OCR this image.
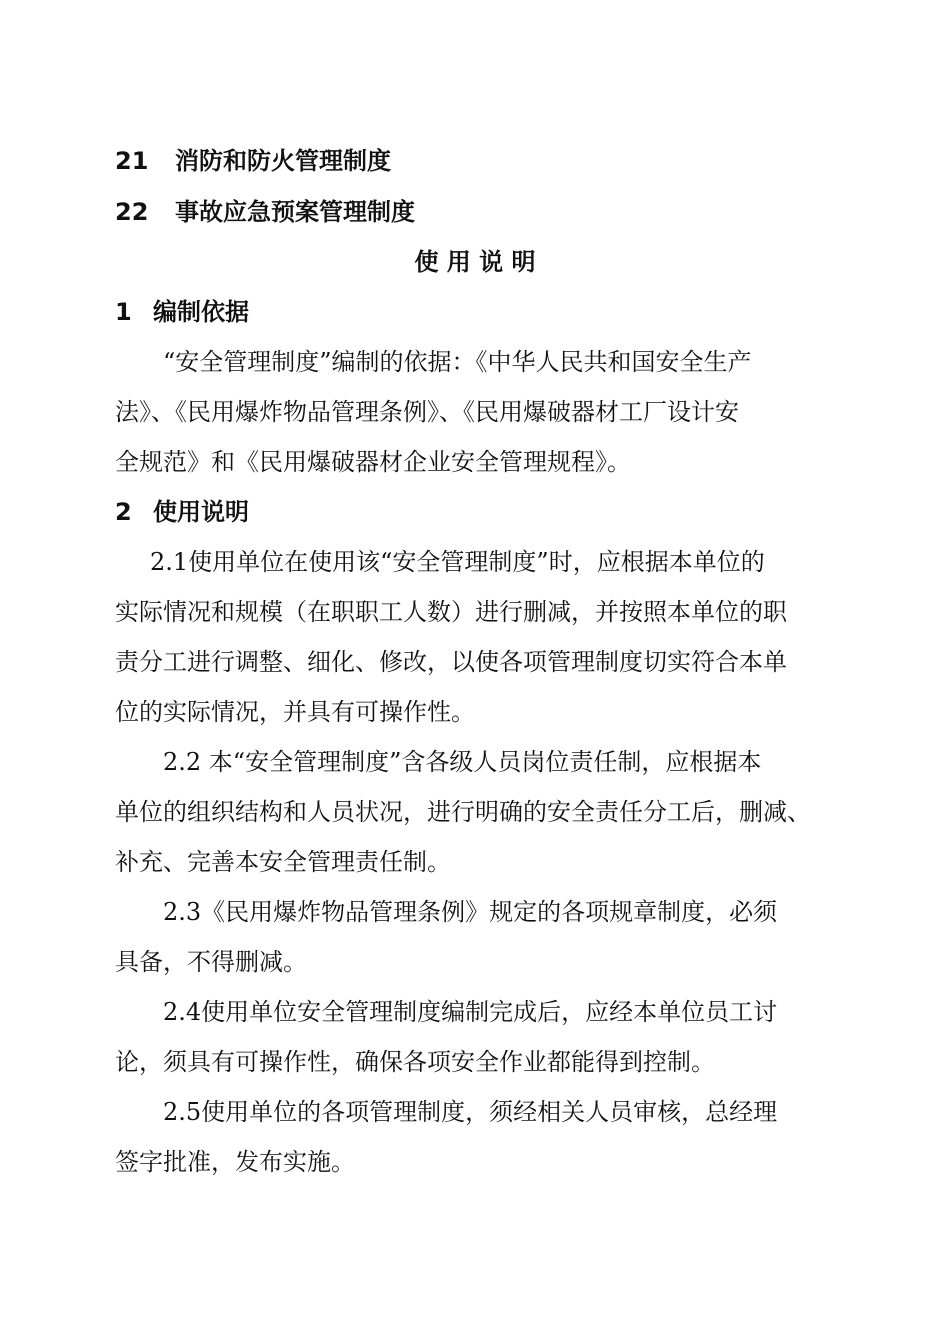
21 消防和防火管理制度
22 事故应急预案管理制度
使 用 说 明
1 编制依据
“安全管理制度”编制的依据：《中华人民共和国安全生产
法》、《民用爆炸物品管理条例》、《民用爆破器材工厂设计安
全规范》和《民用爆破器材企业安全管理规程》。
2 使用说明
2.1使用单位在使用该“安全管理制度”时，应根据本单位的
实际情况和规模（在职职工人数）进行删减，并按照本单位的职
责分工进行调整、细化、修改，以使各项管理制度切实符合本单
位的实际情况，并具有可操作性。
2.2 本“安全管理制度”含各级人员岗位责任制，应根据本
单位的组织结构和人员状况，进行明确的安全责任分工后，删减、
补充、完善本安全管理责任制。
2.3《民用爆炸物品管理条例》规定的各项规章制度，必须
具备，不得删减。
2.4使用单位安全管理制度编制完成后，应经本单位员工讨
论，须具有可操作性，确保各项安全作业都能得到控制。
2.5使用单位的各项管理制度，须经相关人员审核，总经理
签字批准，发布实施。
